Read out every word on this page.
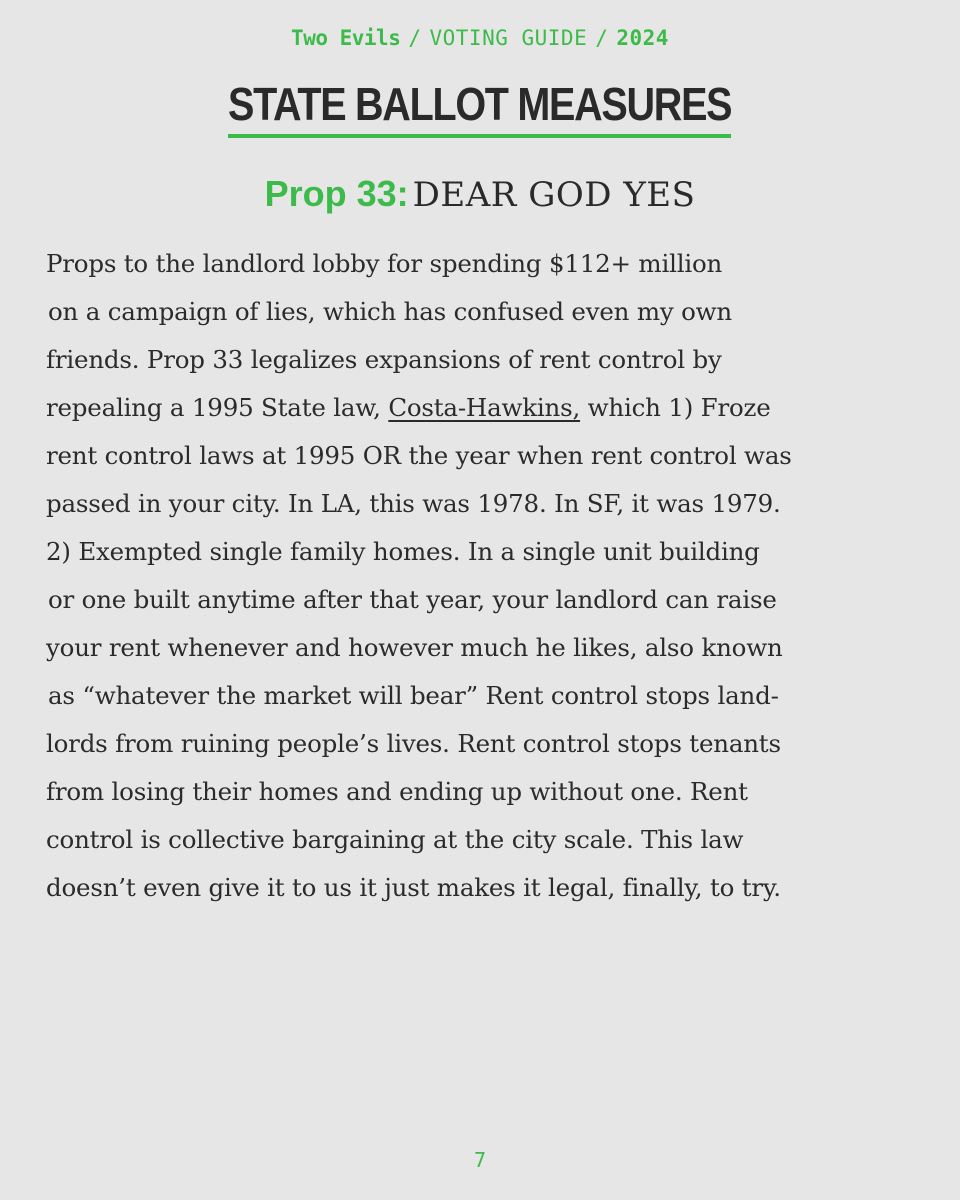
Two Evils / VOTING GUIDE / 2024
STATE BALLOT MEASURES
Prop 33: DEAR GOD YES
Props to the landlord lobby for spending $112+ million
on a campaign of lies, which has confused even my own
friends. Prop 33 legalizes expansions of rent control by
repealing a 1995 State law, Costa-Hawkins, which 1) Froze
rent control laws at 1995 OR the year when rent control was
passed in your city. In LA, this was 1978. In SF, it was 1979.
2) Exempted single family homes. In a single unit building
or one built anytime after that year, your landlord can raise
your rent whenever and however much he likes, also known
as “whatever the market will bear” Rent control stops land-
lords from ruining people’s lives. Rent control stops tenants
from losing their homes and ending up without one. Rent
control is collective bargaining at the city scale. This law
doesn’t even give it to us it just makes it legal, finally, to try.
7
